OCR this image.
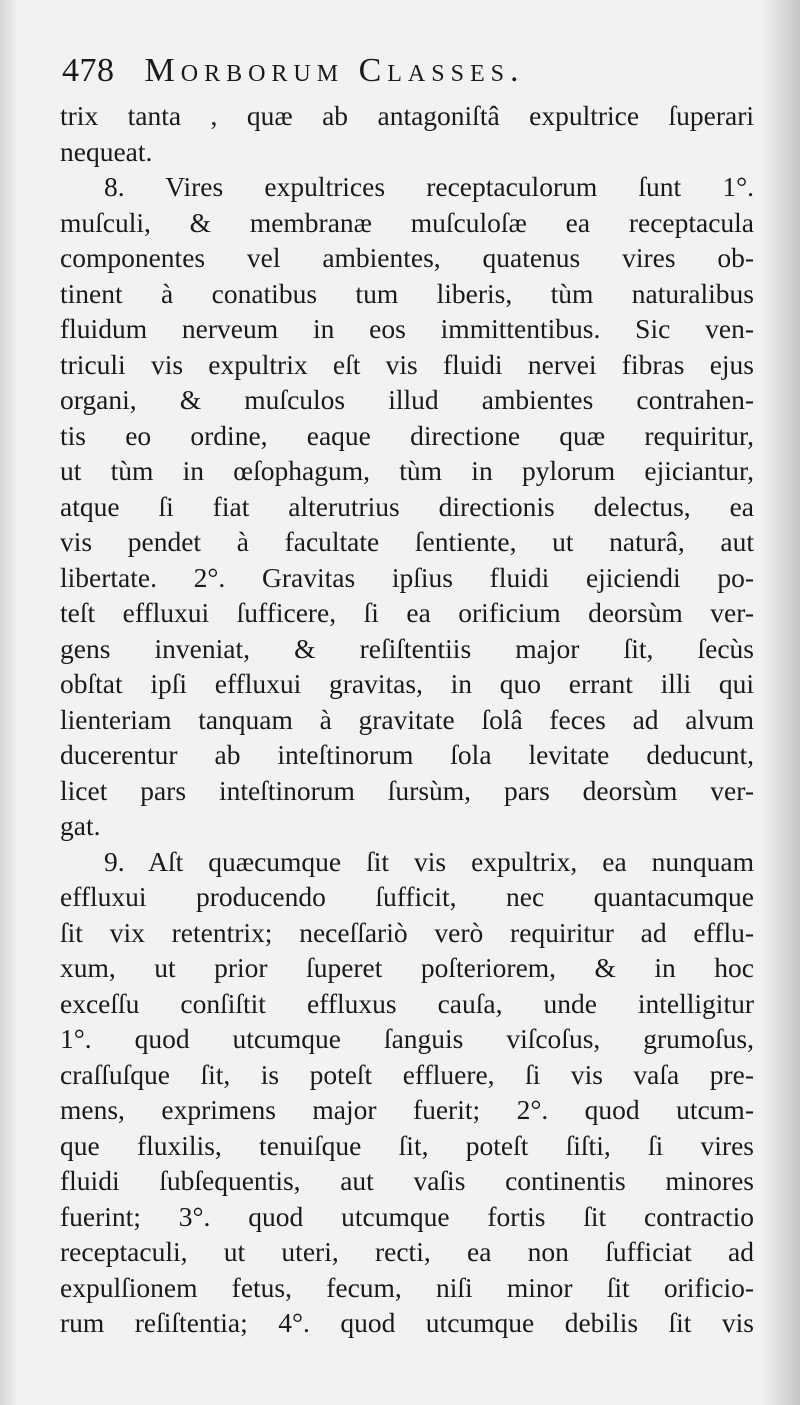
478 Morborum Classes.
trix tanta , quæ ab antagoniſtâ expultrice ſuperari
nequeat.
8. Vires expultrices receptaculorum ſunt 1°.
muſculi, & membranæ muſculoſæ ea receptacula
componentes vel ambientes, quatenus vires ob-
tinent à conatibus tum liberis, tùm naturalibus
fluidum nerveum in eos immittentibus. Sic ven-
triculi vis expultrix eſt vis fluidi nervei fibras ejus
organi, & muſculos illud ambientes contrahen-
tis eo ordine, eaque directione quæ requiritur,
ut tùm in œſophagum, tùm in pylorum ejiciantur,
atque ſi fiat alterutrius directionis delectus, ea
vis pendet à facultate ſentiente, ut naturâ, aut
libertate. 2°. Gravitas ipſius fluidi ejiciendi po-
teſt effluxui ſufficere, ſi ea orificium deorsùm ver-
gens inveniat, & reſiſtentiis major ſit, ſecùs
obſtat ipſi effluxui gravitas, in quo errant illi qui
lienteriam tanquam à gravitate ſolâ feces ad alvum
ducerentur ab inteſtinorum ſola levitate deducunt,
licet pars inteſtinorum ſursùm, pars deorsùm ver-
gat.
9. Aſt quæcumque ſit vis expultrix, ea nunquam
effluxui producendo ſufficit, nec quantacumque
ſit vix retentrix; neceſſariò verò requiritur ad efflu-
xum, ut prior ſuperet poſteriorem, & in hoc
exceſſu conſiſtit effluxus cauſa, unde intelligitur
1°. quod utcumque ſanguis viſcoſus, grumoſus,
craſſuſque ſit, is poteſt effluere, ſi vis vaſa pre-
mens, exprimens major fuerit; 2°. quod utcum-
que fluxilis, tenuiſque ſit, poteſt ſiſti, ſi vires
fluidi ſubſequentis, aut vaſis continentis minores
fuerint; 3°. quod utcumque fortis ſit contractio
receptaculi, ut uteri, recti, ea non ſufficiat ad
expulſionem fetus, fecum, niſi minor ſit orificio-
rum reſiſtentia; 4°. quod utcumque debilis ſit vis
